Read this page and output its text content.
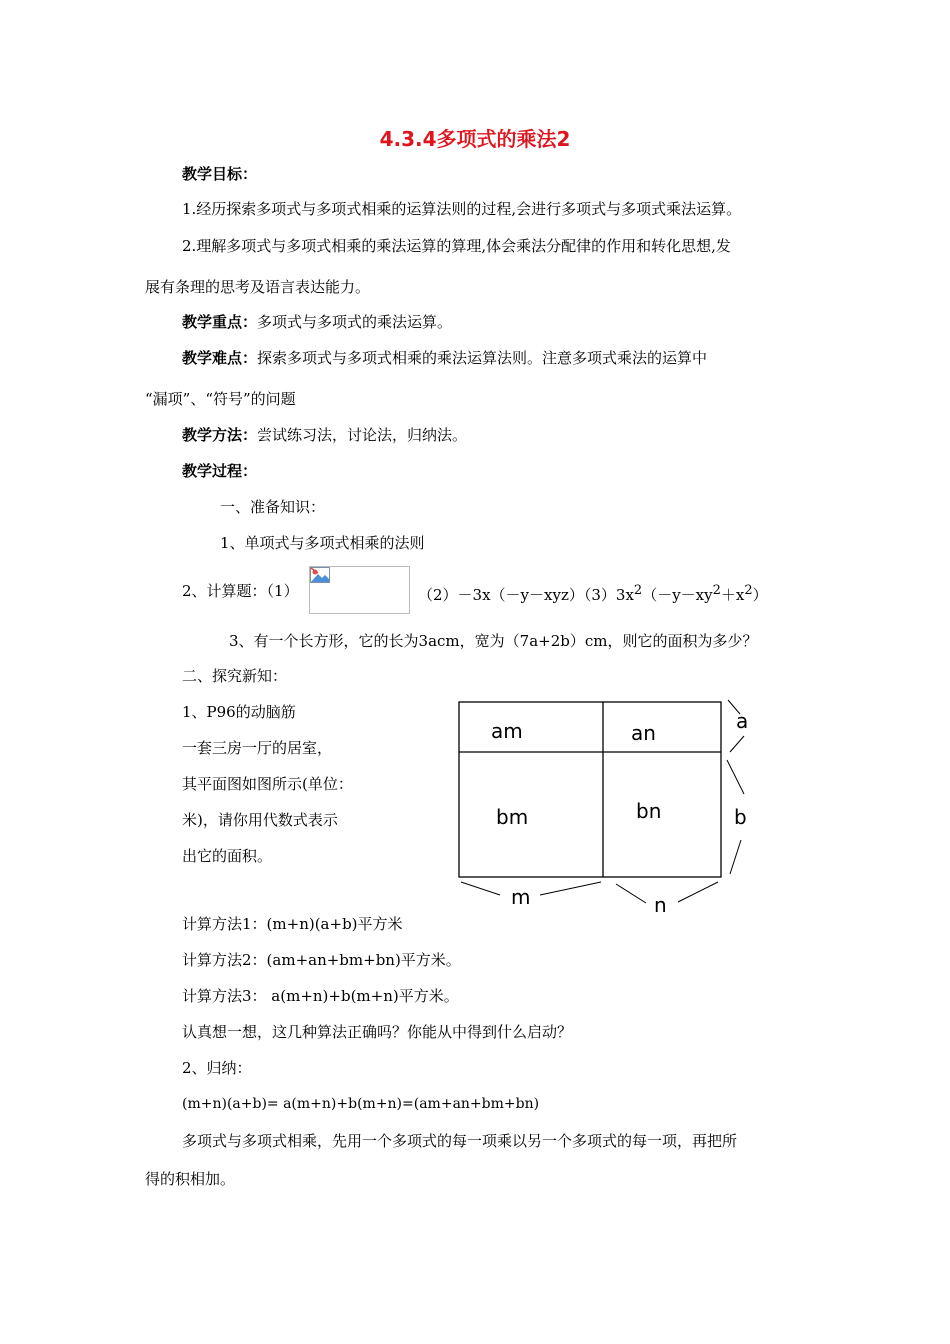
4.3.4多项式的乘法2
教学目标：
1.经历探索多项式与多项式相乘的运算法则的过程,会进行多项式与多项式乘法运算。
2.理解多项式与多项式相乘的乘法运算的算理,体会乘法分配律的作用和转化思想,发
展有条理的思考及语言表达能力。
教学重点：多项式与多项式的乘法运算。
教学难点：探索多项式与多项式相乘的乘法运算法则。注意多项式乘法的运算中
“漏项”、“符号”的问题
教学方法：尝试练习法，讨论法，归纳法。
教学过程：
一、准备知识：
1、单项式与多项式相乘的法则
2、计算题：（1）	$(2)-3x(-y-xyz)(3)3x^2(-y-xy^2+x^2)$
3、有一个长方形，它的长为3acm，宽为（7a+2b）cm，则它的面积为多少？
二、探究新知：
1、P96的动脑筋
一套三房一厅的居室，
其平面图如图所示(单位：
米)，请你用代数式表示
出它的面积。
am	an
bm	bn
a
b
m	n
计算方法1：(m+n)(a+b)平方米
计算方法2：(am+an+bm+bn)平方米。
计算方法3： a(m+n)+b(m+n)平方米。
认真想一想，这几种算法正确吗？你能从中得到什么启动？
2、归纳：
(m+n)(a+b)= a(m+n)+b(m+n)=(am+an+bm+bn)
多项式与多项式相乘，先用一个多项式的每一项乘以另一个多项式的每一项，再把所
得的积相加。
